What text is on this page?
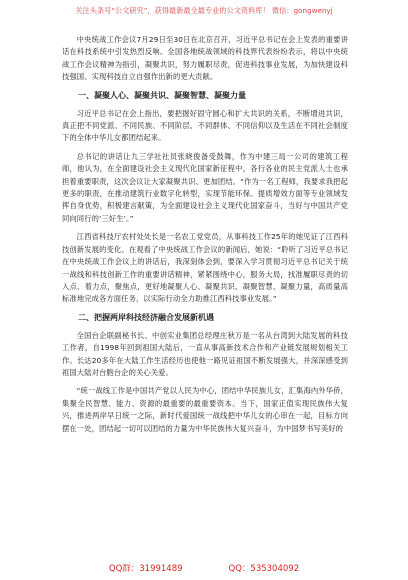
关注头条号“公文研究”，获得最新最全最专业的公文资料库！ 微信：gongwenyj

中央统战工作会议7月29日至30日在北京召开，习近平总书记在会上发表的重要讲话在科技系统中引发热烈反响。全国各地统战领域的科技界代表纷纷表示，将以中央统战工作会议精神为指引，凝聚共识，努力履职尽责，促进科技事业发展，为加快建设科技强国、实现科技自立自强作出新的更大贡献。

一、凝聚人心、凝聚共识、凝聚智慧、凝聚力量

习近平总书记在会上指出，要把握好固守圆心和扩大共识的关系，不断增进共识，真正把不同党派、不同民族、不同阶层、不同群体、不同信仰以及生活在不同社会制度下的全体中华儿女都团结起来。

总书记的讲话让九三学社社员张晓俊备受鼓舞，作为中建三局一公司的建筑工程师，他认为，在全面建设社会主义现代化国家新征程中，各行各业的民主党派人士也承担着重要职责，这次会议让大家凝聚共识、更加团结。“作为一名工程师，我要求我把起更多的职责，在推动建筑行业数字化转型，实现节能环保、提质增效方面等专业领域发挥自身优势，积极建言献策，为全面建设社会主义现代化国家奋斗，当好与中国共产党同向同行的‘三好生’。”

江西省科技厅农村处处长是一名农工党党员，从事科技工作25年的她见证了江西科技创新发展的变化。在观看了中央统战工作会议的新闻后，她说：“聆听了习近平总书记在中央统战工作会议上的讲话后，我深刻体会到，要深入学习贯彻习近平总书记关于统一战线和科技创新工作的重要讲话精神，紧紧围绕中心，服务大局，找准履职尽责的切入点、着力点，聚焦点，更好地凝聚人心、凝聚共识、凝聚智慧、凝聚力量，高质量高标准地完成各方面任务，以实际行动全力助推江西科技事业发展。”

二、把握两岸科技经济融合发展新机遇

全国台企联副秘书长、中创实业集团总经理庄秋万是一名从台湾到大陆发展的科技工作者，自1998年回到祖国大陆后，一直从事高新技术合作和产业链发展规划相关工作。长达20多年在大陆工作生活经历也使他一路见证祖国不断发展强大，并深深感受到祖国大陆对台胞台企的关心关爱。

“统一战线工作是中国共产党以人民为中心，团结中华民族儿女，汇集海内外华侨，集聚全民智慧、能力、资源的最重要的最重要资本。当下，国家正值实现民族伟大复兴，推进两岸早日统一之际，新时代爱国统一战线把中华儿女的心串在一起，目标方向摆在一处，团结起一切可以团结的力量为中华民族伟大复兴奋斗，为中国梦书写美好的

QQ群：31991489	QQ：535304092
